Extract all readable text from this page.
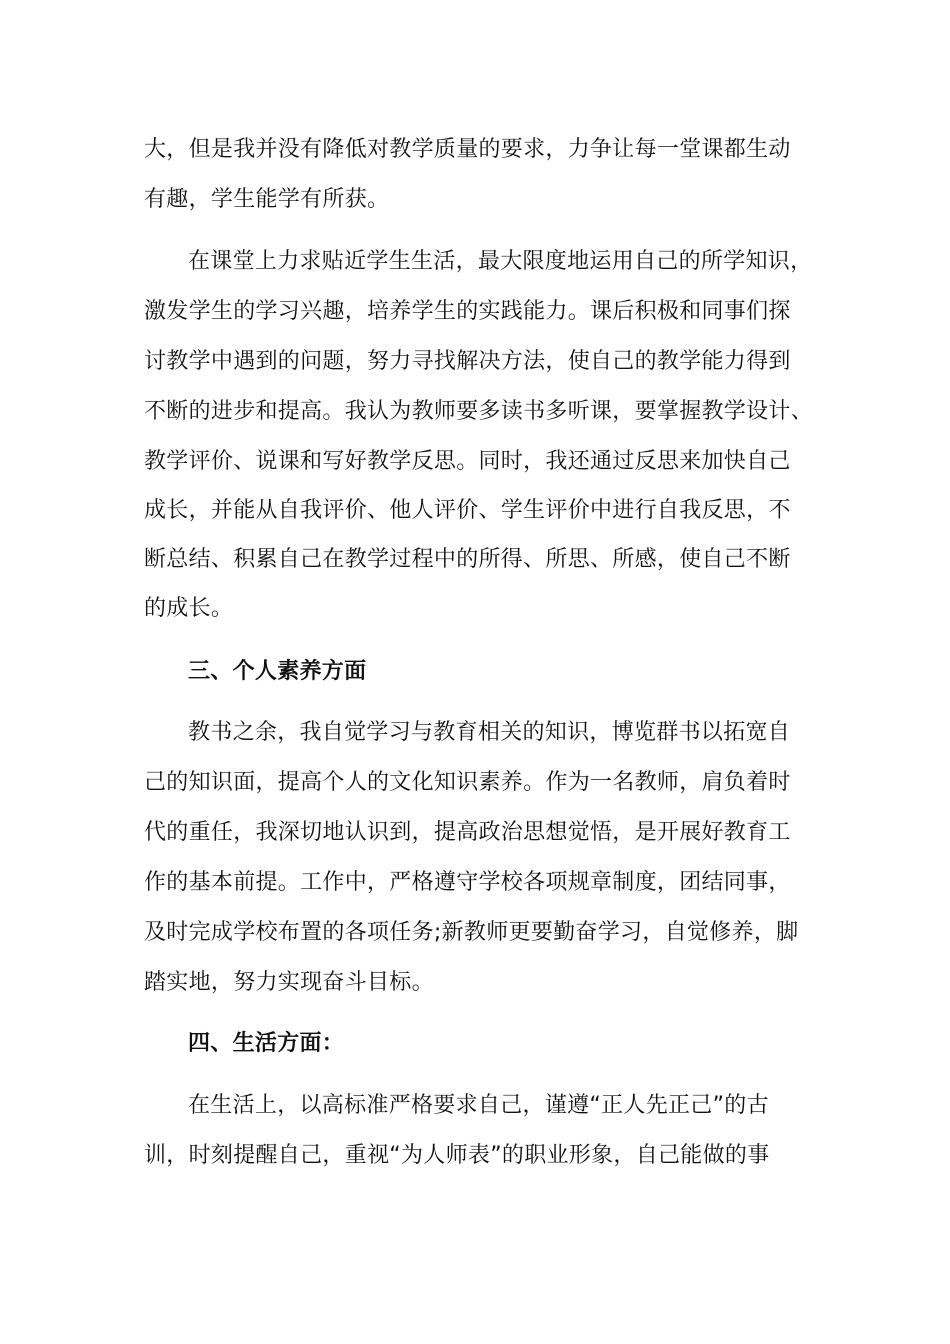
大，但是我并没有降低对教学质量的要求，力争让每一堂课都生动
有趣，学生能学有所获。
在课堂上力求贴近学生生活，最大限度地运用自己的所学知识，
激发学生的学习兴趣，培养学生的实践能力。课后积极和同事们探
讨教学中遇到的问题，努力寻找解决方法，使自己的教学能力得到
不断的进步和提高。我认为教师要多读书多听课，要掌握教学设计、
教学评价、说课和写好教学反思。同时，我还通过反思来加快自己
成长，并能从自我评价、他人评价、学生评价中进行自我反思，不
断总结、积累自己在教学过程中的所得、所思、所感，使自己不断
的成长。
三、个人素养方面
教书之余，我自觉学习与教育相关的知识，博览群书以拓宽自
己的知识面，提高个人的文化知识素养。作为一名教师，肩负着时
代的重任，我深切地认识到，提高政治思想觉悟，是开展好教育工
作的基本前提。工作中，严格遵守学校各项规章制度，团结同事，
及时完成学校布置的各项任务;新教师更要勤奋学习，自觉修养，脚
踏实地，努力实现奋斗目标。
四、生活方面：
在生活上，以高标准严格要求自己，谨遵“正人先正己”的古
训，时刻提醒自己，重视“为人师表”的职业形象，自己能做的事
